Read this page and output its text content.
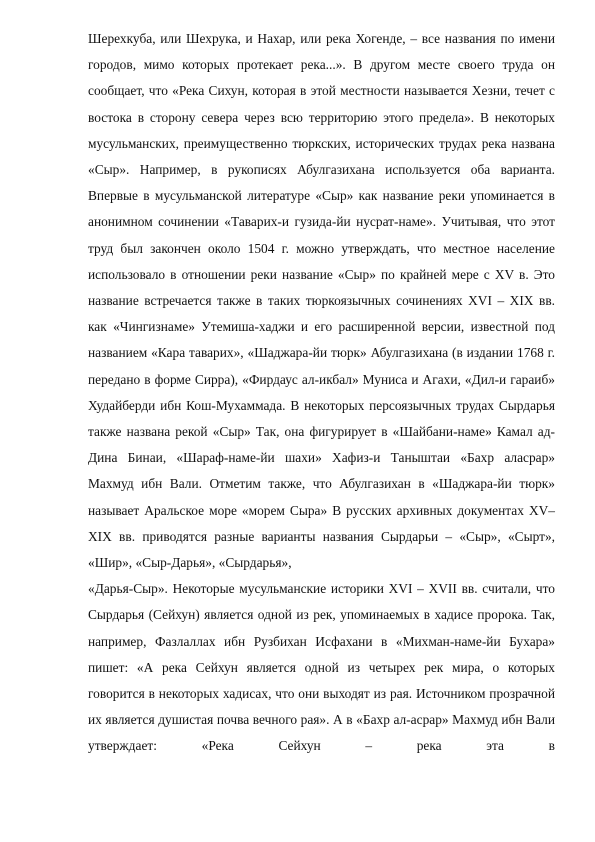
Шерехкуба, или Шехрука, и Нахар, или река Хогенде, – все названия по имени городов, мимо которых протекает река...». В другом месте своего труда он сообщает, что «Река Сихун, которая в этой местности называется Хезни, течет с востока в сторону севера через всю территорию этого предела». В некоторых мусульманских, преимущественно тюркских, исторических трудах река названа «Сыр». Например, в рукописях Абулгазихана используется оба варианта. Впервые в мусульманской литературе «Сыр» как название реки упоминается в анонимном сочинении «Таварих-и гузида-йи нусрат-наме». Учитывая, что этот труд был закончен около 1504 г. можно утверждать, что местное население использовало в отношении реки название «Сыр» по крайней мере с XV в. Это название встречается также в таких тюркоязычных сочинениях XVI – XIX вв. как «Чингизнаме» Утемиша-хаджи и его расширенной версии, известной под названием «Кара таварих», «Шаджара-йи тюрк» Абулгазихана (в издании 1768 г. передано в форме Сирра), «Фирдаус ал-икбал» Муниса и Агахи, «Дил-и гараиб» Худайберди ибн Кош-Мухаммада. В некоторых персоязычных трудах Сырдарья также названа рекой «Сыр» Так, она фигурирует в «Шайбани-наме» Камал ад-Дина Бинаи, «Шараф-наме-йи шахи» Хафиз-и Таныштаи «Бахр аласрар» Махмуд ибн Вали. Отметим также, что Абулгазихан в «Шаджара-йи тюрк» называет Аральское море «морем Сыра» В русских архивных документах XV–XIX вв. приводятся разные варианты названия Сырдарьи – «Сыр», «Сырт», «Шир», «Сыр-Дарья», «Сырдарья»,

«Дарья-Сыр». Некоторые мусульманские историки XVI – XVII вв. считали, что Сырдарья (Сейхун) является одной из рек, упоминаемых в хадисе пророка. Так, например, Фазлаллах ибн Рузбихан Исфахани в «Михман-наме-йи Бухара» пишет: «А река Сейхун является одной из четырех рек мира, о которых говорится в некоторых хадисах, что они выходят из рая. Источником прозрачной их является душистая почва вечного рая». А в «Бахр ал-асрар» Махмуд ибн Вали утверждает: «Река Сейхун – река эта в
